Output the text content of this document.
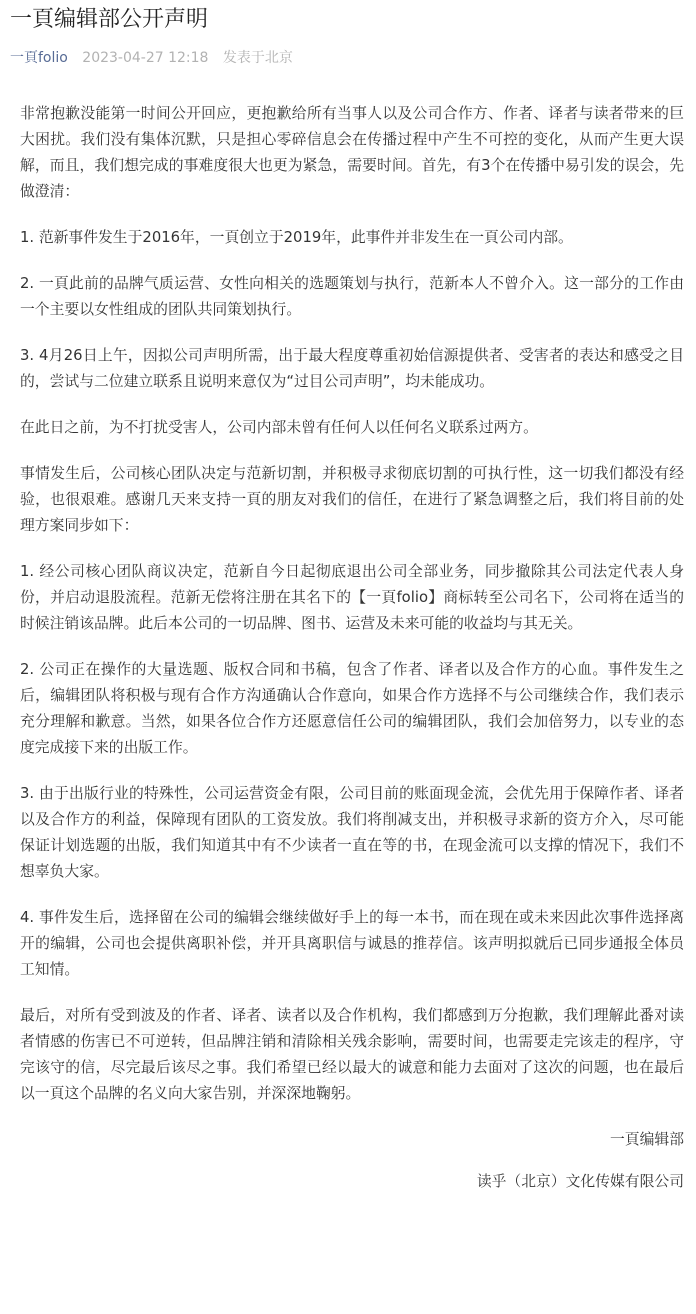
一頁编辑部公开声明
一頁folio 2023-04-27 12:18 发表于北京

非常抱歉没能第一时间公开回应，更抱歉给所有当事人以及公司合作方、作者、译者与读者带来的巨大困扰。我们没有集体沉默，只是担心零碎信息会在传播过程中产生不可控的变化，从而产生更大误解，而且，我们想完成的事难度很大也更为紧急，需要时间。首先，有3个在传播中易引发的误会，先做澄清：

1. 范新事件发生于2016年，一頁创立于2019年，此事件并非发生在一頁公司内部。

2. 一頁此前的品牌气质运营、女性向相关的选题策划与执行，范新本人不曾介入。这一部分的工作由一个主要以女性组成的团队共同策划执行。

3. 4月26日上午，因拟公司声明所需，出于最大程度尊重初始信源提供者、受害者的表达和感受之目的，尝试与二位建立联系且说明来意仅为“过目公司声明”，均未能成功。

在此日之前，为不打扰受害人，公司内部未曾有任何人以任何名义联系过两方。

事情发生后，公司核心团队决定与范新切割，并积极寻求彻底切割的可执行性，这一切我们都没有经验，也很艰难。感谢几天来支持一頁的朋友对我们的信任，在进行了紧急调整之后，我们将目前的处理方案同步如下：

1. 经公司核心团队商议决定，范新自今日起彻底退出公司全部业务，同步撤除其公司法定代表人身份，并启动退股流程。范新无偿将注册在其名下的【一頁folio】商标转至公司名下，公司将在适当的时候注销该品牌。此后本公司的一切品牌、图书、运营及未来可能的收益均与其无关。

2. 公司正在操作的大量选题、版权合同和书稿，包含了作者、译者以及合作方的心血。事件发生之后，编辑团队将积极与现有合作方沟通确认合作意向，如果合作方选择不与公司继续合作，我们表示充分理解和歉意。当然，如果各位合作方还愿意信任公司的编辑团队，我们会加倍努力，以专业的态度完成接下来的出版工作。

3. 由于出版行业的特殊性，公司运营资金有限，公司目前的账面现金流，会优先用于保障作者、译者以及合作方的利益，保障现有团队的工资发放。我们将削减支出，并积极寻求新的资方介入，尽可能保证计划选题的出版，我们知道其中有不少读者一直在等的书，在现金流可以支撑的情况下，我们不想辜负大家。

4. 事件发生后，选择留在公司的编辑会继续做好手上的每一本书，而在现在或未来因此次事件选择离开的编辑，公司也会提供离职补偿，并开具离职信与诚恳的推荐信。该声明拟就后已同步通报全体员工知情。

最后，对所有受到波及的作者、译者、读者以及合作机构，我们都感到万分抱歉，我们理解此番对读者情感的伤害已不可逆转，但品牌注销和清除相关残余影响，需要时间，也需要走完该走的程序，守完该守的信，尽完最后该尽之事。我们希望已经以最大的诚意和能力去面对了这次的问题，也在最后以一頁这个品牌的名义向大家告别，并深深地鞠躬。

一頁编辑部

读乎（北京）文化传媒有限公司
